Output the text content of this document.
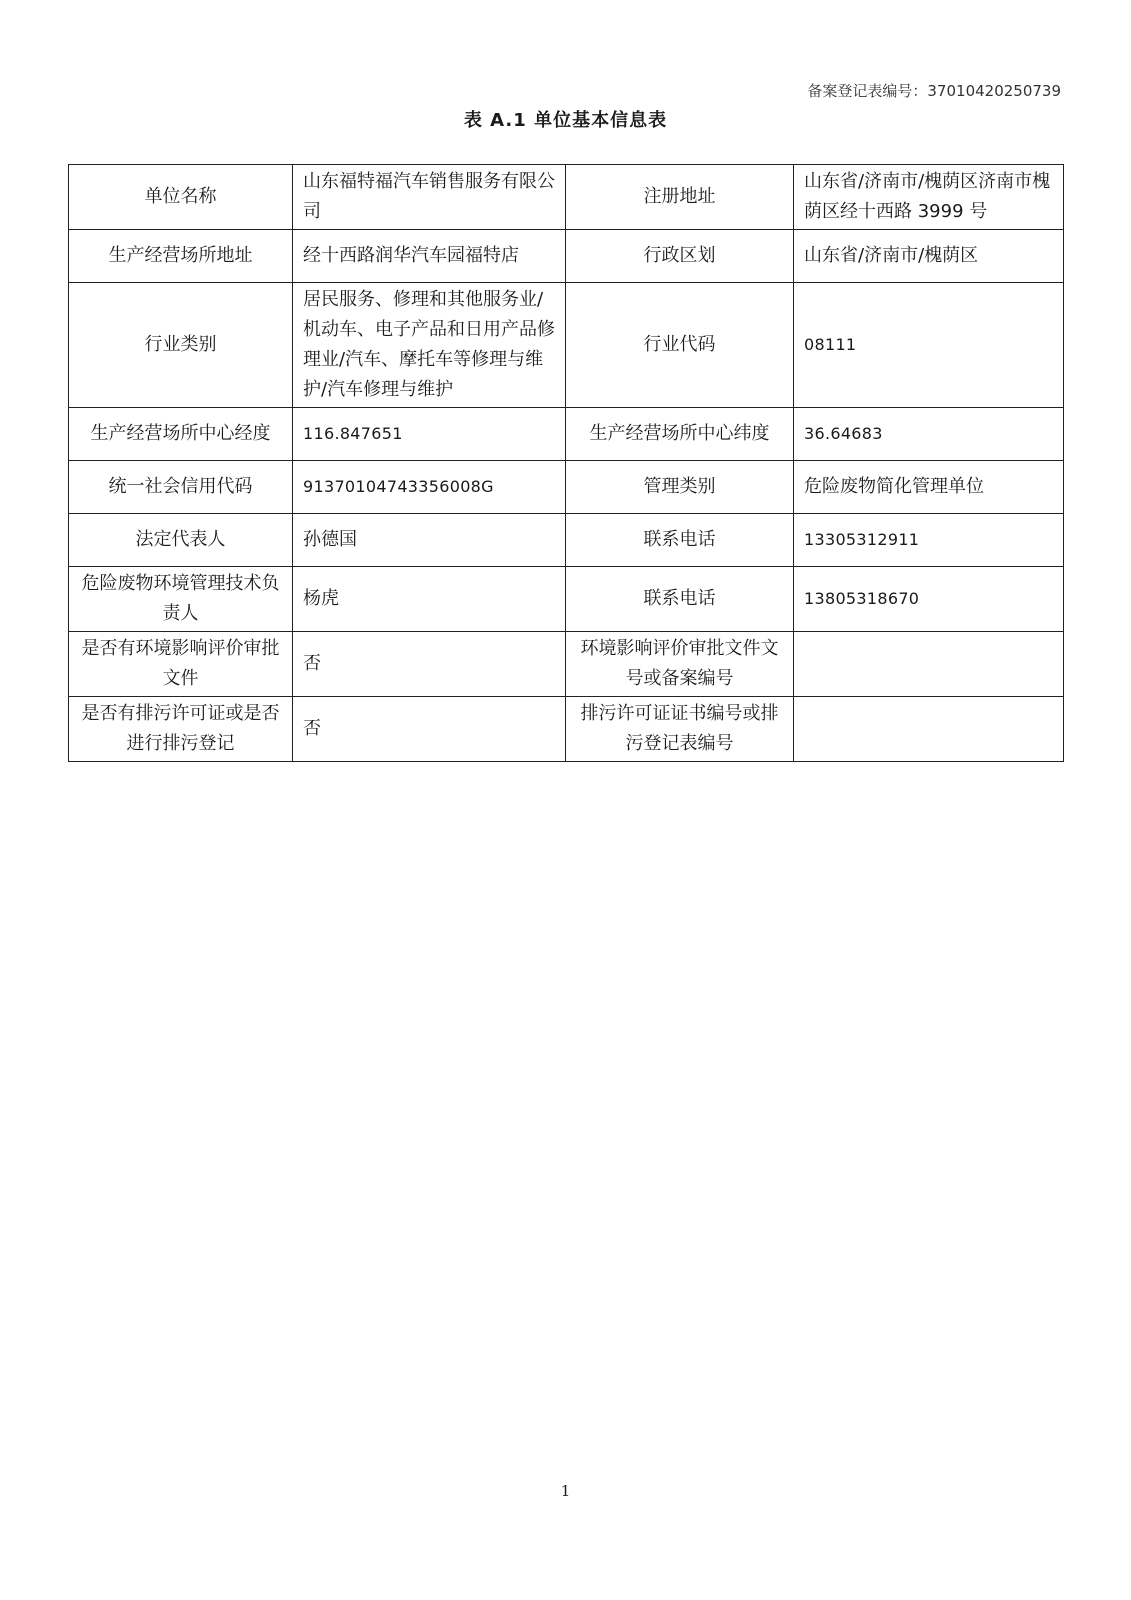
备案登记表编号：37010420250739
表 A.1 单位基本信息表
单位名称	山东福特福汽车销售服务有限公司	注册地址	山东省/济南市/槐荫区济南市槐荫区经十西路 3999 号
生产经营场所地址	经十西路润华汽车园福特店	行政区划	山东省/济南市/槐荫区
行业类别	居民服务、修理和其他服务业/机动车、电子产品和日用产品修理业/汽车、摩托车等修理与维护/汽车修理与维护	行业代码	08111
生产经营场所中心经度	116.847651	生产经营场所中心纬度	36.64683
统一社会信用代码	91370104743356008G	管理类别	危险废物简化管理单位
法定代表人	孙德国	联系电话	13305312911
危险废物环境管理技术负责人	杨虎	联系电话	13805318670
是否有环境影响评价审批文件	否	环境影响评价审批文件文号或备案编号	
是否有排污许可证或是否进行排污登记	否	排污许可证证书编号或排污登记表编号	
1
